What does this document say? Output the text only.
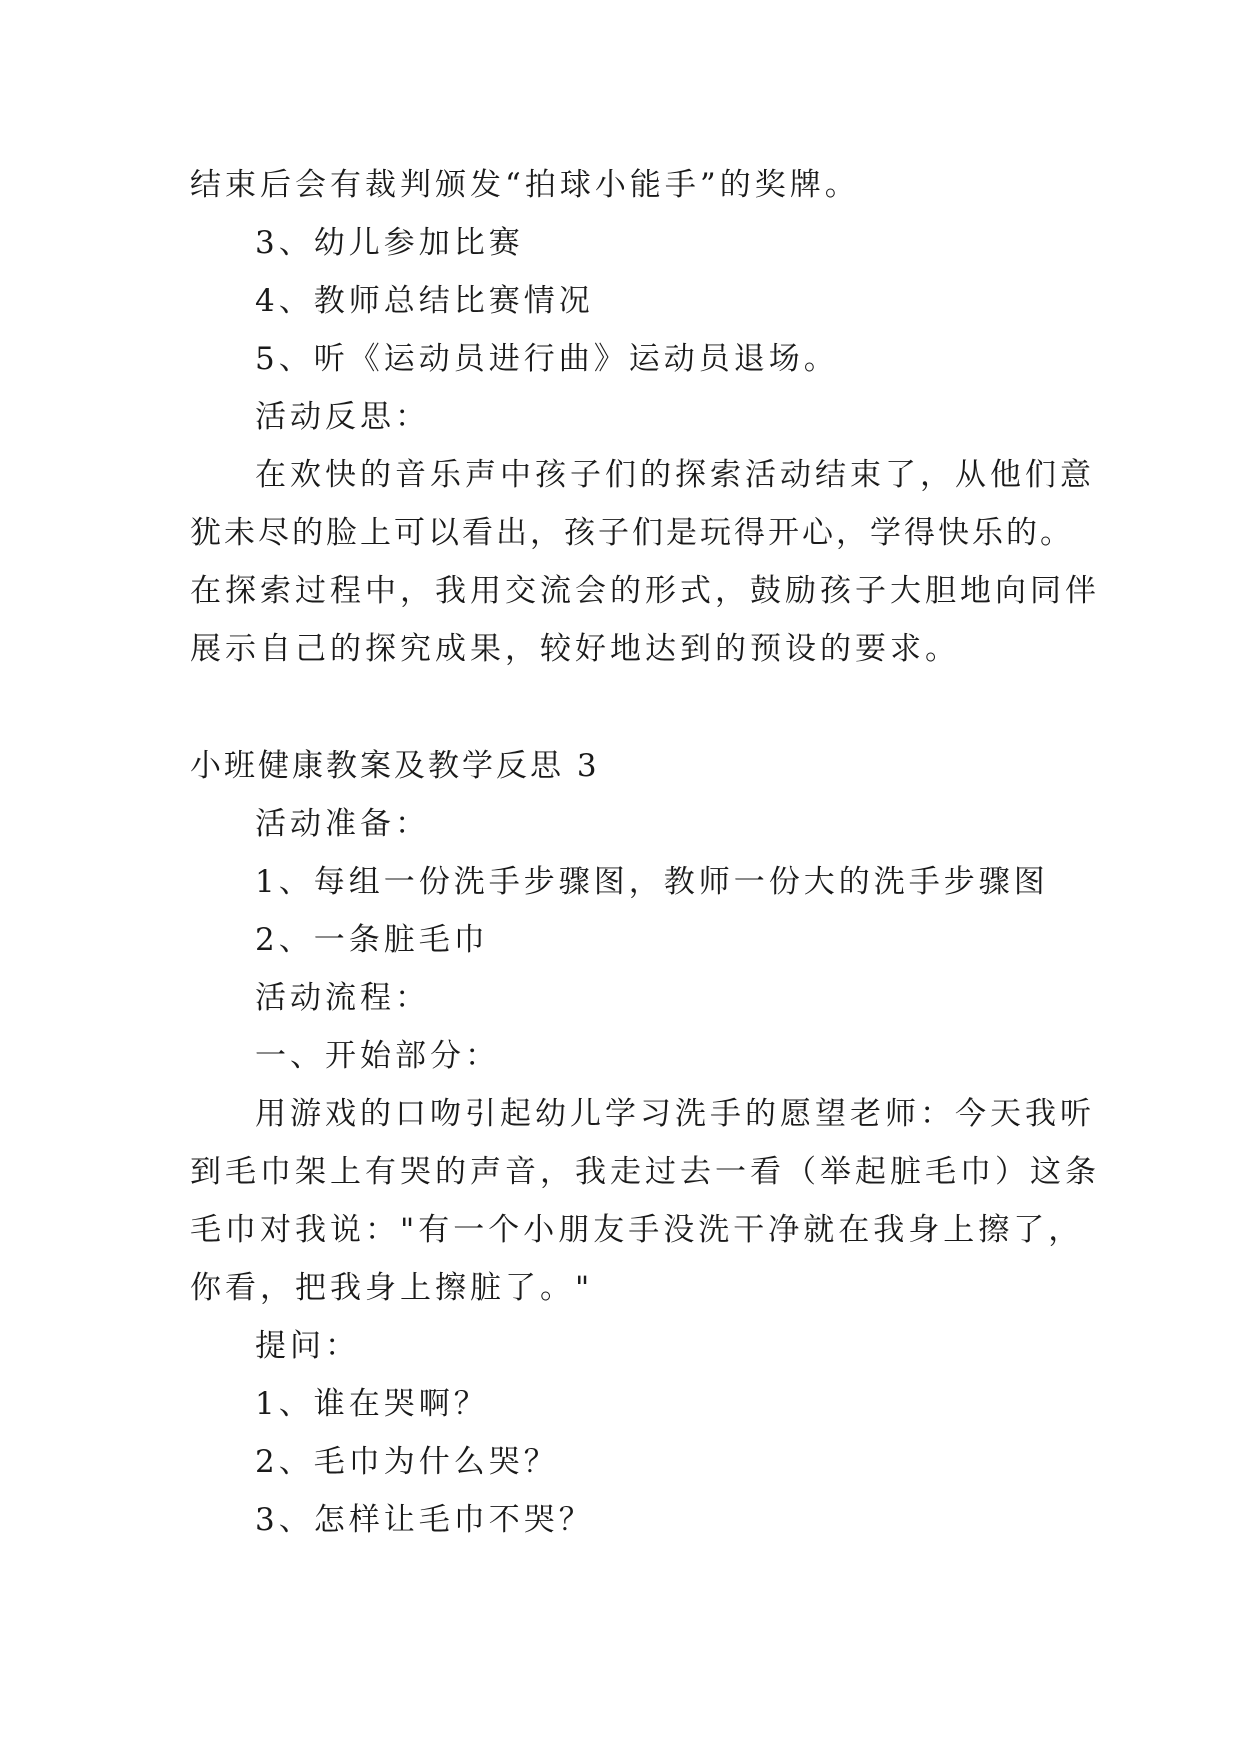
结束后会有裁判颁发“拍球小能手”的奖牌。
3、幼儿参加比赛
4、教师总结比赛情况
5、听《运动员进行曲》运动员退场。
活动反思：
在欢快的音乐声中孩子们的探索活动结束了，从他们意
犹未尽的脸上可以看出，孩子们是玩得开心，学得快乐的。
在探索过程中，我用交流会的形式，鼓励孩子大胆地向同伴
展示自己的探究成果，较好地达到的预设的要求。
小班健康教案及教学反思 3
活动准备：
1、每组一份洗手步骤图，教师一份大的洗手步骤图
2、一条脏毛巾
活动流程：
一、开始部分：
用游戏的口吻引起幼儿学习洗手的愿望老师：今天我听
到毛巾架上有哭的声音，我走过去一看（举起脏毛巾）这条
毛巾对我说："有一个小朋友手没洗干净就在我身上擦了，
你看，把我身上擦脏了。"
提问：
1、谁在哭啊？
2、毛巾为什么哭？
3、怎样让毛巾不哭？
